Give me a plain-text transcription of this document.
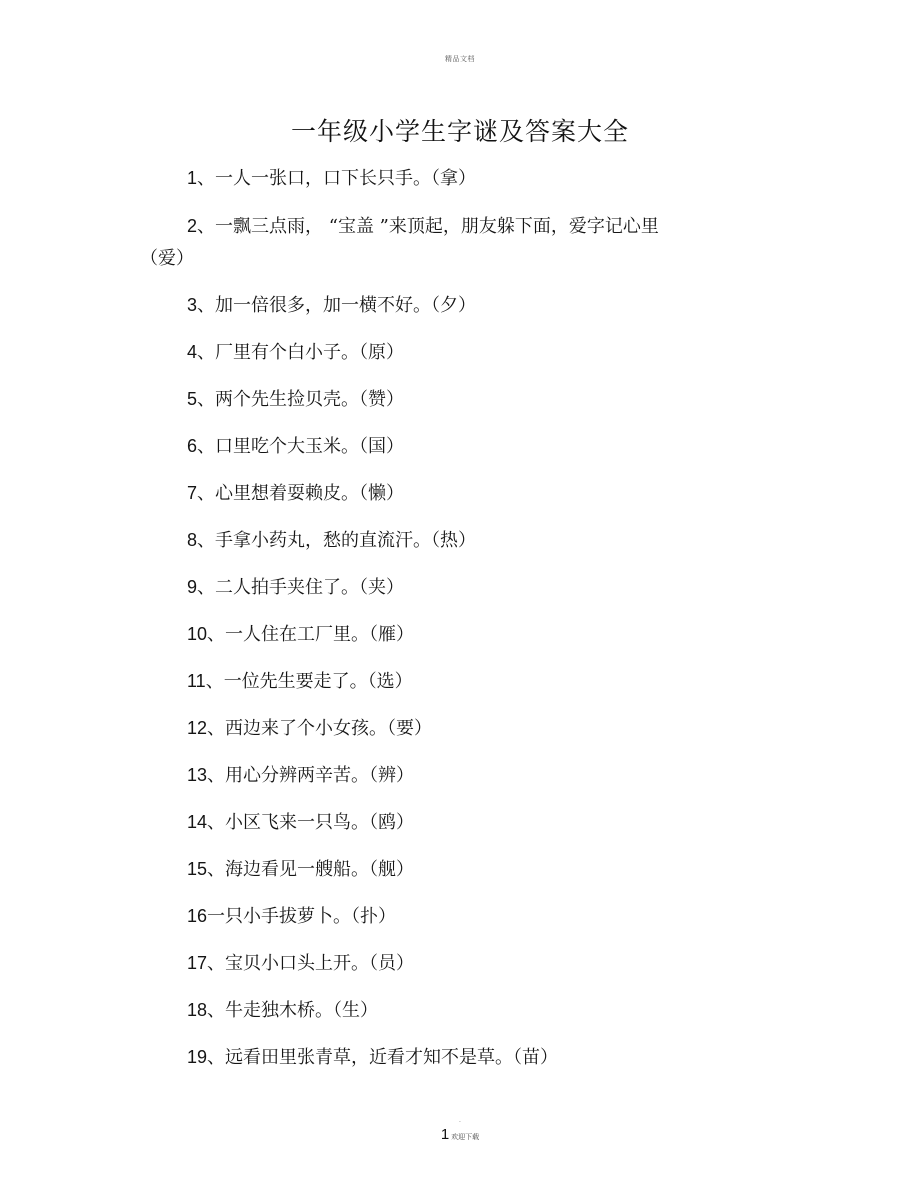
精品文档
一年级小学生字谜及答案大全
1、一人一张口，口下长只手。（拿）
2、一飘三点雨， “宝盖 ”来顶起，朋友躲下面，爱字记心里
（爱）
3、加一倍很多，加一横不好。（夕）
4、厂里有个白小子。（原）
5、两个先生捡贝壳。（赞）
6、口里吃个大玉米。（国）
7、心里想着耍赖皮。（懒）
8、手拿小药丸，愁的直流汗。（热）
9、二人拍手夹住了。（夹）
10、一人住在工厂里。（雁）
11、一位先生要走了。（选）
12、西边来了个小女孩。（要）
13、用心分辨两辛苦。（辨）
14、小区飞来一只鸟。（鸥）
15、海边看见一艘船。（舰）
16一只小手拔萝卜。（扑）
17、宝贝小口头上开。（员）
18、牛走独木桥。（生）
19、远看田里张青草，近看才知不是草。（苗）
.
1 欢迎下载
